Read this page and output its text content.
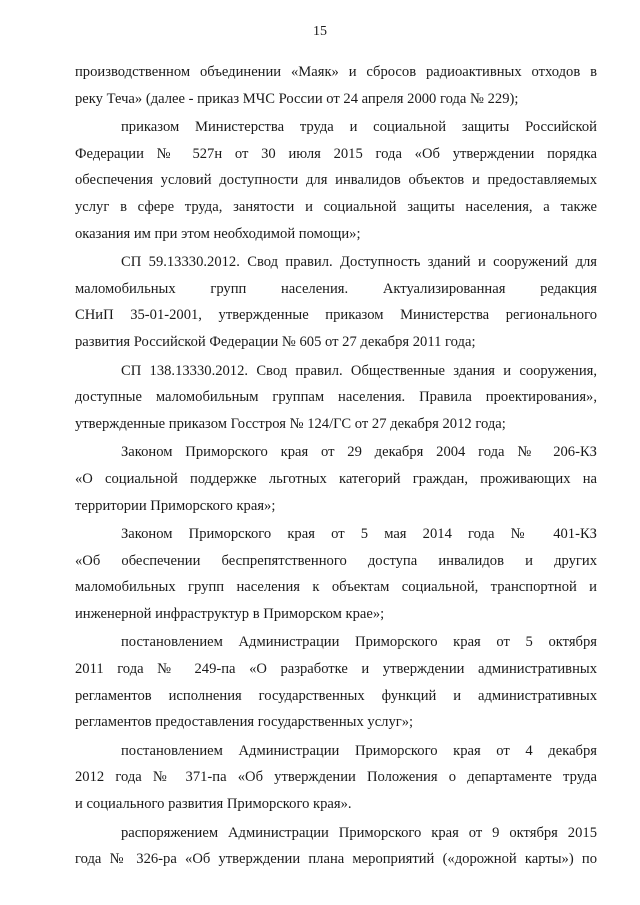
15
производственном объединении «Маяк» и сбросов радиоактивных отходов в
реку Теча» (далее - приказ МЧС России от 24 апреля 2000 года № 229);
приказом Министерства труда и социальной защиты Российской
Федерации № 527н от 30 июля 2015 года «Об утверждении порядка
обеспечения условий доступности для инвалидов объектов и предоставляемых
услуг в сфере труда, занятости и социальной защиты населения, а также
оказания им при этом необходимой помощи»;
СП 59.13330.2012. Свод правил. Доступность зданий и сооружений для
маломобильных групп населения. Актуализированная редакция
СНиП 35-01-2001, утвержденные приказом Министерства регионального
развития Российской Федерации № 605 от 27 декабря 2011 года;
СП 138.13330.2012. Свод правил. Общественные здания и сооружения,
доступные маломобильным группам населения. Правила проектирования»,
утвержденные приказом Госстроя № 124/ГС от 27 декабря 2012 года;
Законом Приморского края от 29 декабря 2004 года № 206-КЗ
«О социальной поддержке льготных категорий граждан, проживающих на
территории Приморского края»;
Законом Приморского края от 5 мая 2014 года № 401-КЗ
«Об обеспечении беспрепятственного доступа инвалидов и других
маломобильных групп населения к объектам социальной, транспортной и
инженерной инфраструктур в Приморском крае»;
постановлением Администрации Приморского края от 5 октября
2011 года № 249-па «О разработке и утверждении административных
регламентов исполнения государственных функций и административных
регламентов предоставления государственных услуг»;
постановлением Администрации Приморского края от 4 декабря
2012 года № 371-па «Об утверждении Положения о департаменте труда
и социального развития Приморского края».
распоряжением Администрации Приморского края от 9 октября 2015
года № 326-ра «Об утверждении плана мероприятий («дорожной карты») по
